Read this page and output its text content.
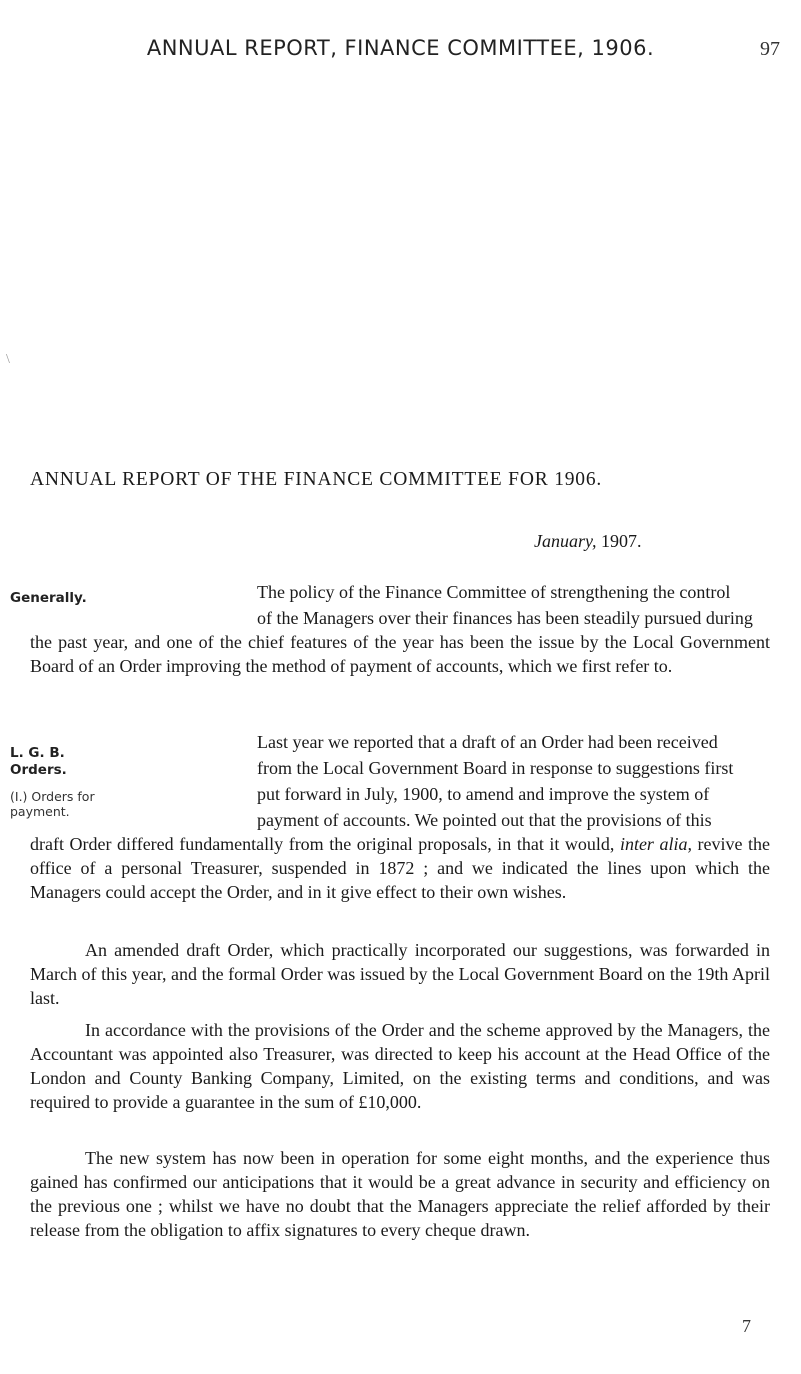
ANNUAL REPORT, FINANCE COMMITTEE, 1906.	97
\
ANNUAL REPORT OF THE FINANCE COMMITTEE FOR 1906.
January, 1907.
Generally.	The policy of the Finance Committee of strengthening the control
of the Managers over their finances has been steadily pursued during
the past year, and one of the chief features of the year has been the issue by the Local Government Board of an Order improving the method of payment of accounts, which we first refer to.
L. G. B. Orders.
(I.) Orders for payment.
Last year we reported that a draft of an Order had been received
from the Local Government Board in response to suggestions first
put forward in July, 1900, to amend and improve the system of
payment of accounts. We pointed out that the provisions of this
draft Order differed fundamentally from the original proposals, in that it would, inter alia, revive the office of a personal Treasurer, suspended in 1872 ; and we indicated the lines upon which the Managers could accept the Order, and in it give effect to their own wishes.
An amended draft Order, which practically incorporated our suggestions, was forwarded in March of this year, and the formal Order was issued by the Local Government Board on the 19th April last.
In accordance with the provisions of the Order and the scheme approved by the Managers, the Accountant was appointed also Treasurer, was directed to keep his account at the Head Office of the London and County Banking Company, Limited, on the existing terms and conditions, and was required to provide a guarantee in the sum of £10,000.
The new system has now been in operation for some eight months, and the experience thus gained has confirmed our anticipations that it would be a great advance in security and efficiency on the previous one ; whilst we have no doubt that the Managers appreciate the relief afforded by their release from the obligation to affix signatures to every cheque drawn.
7
